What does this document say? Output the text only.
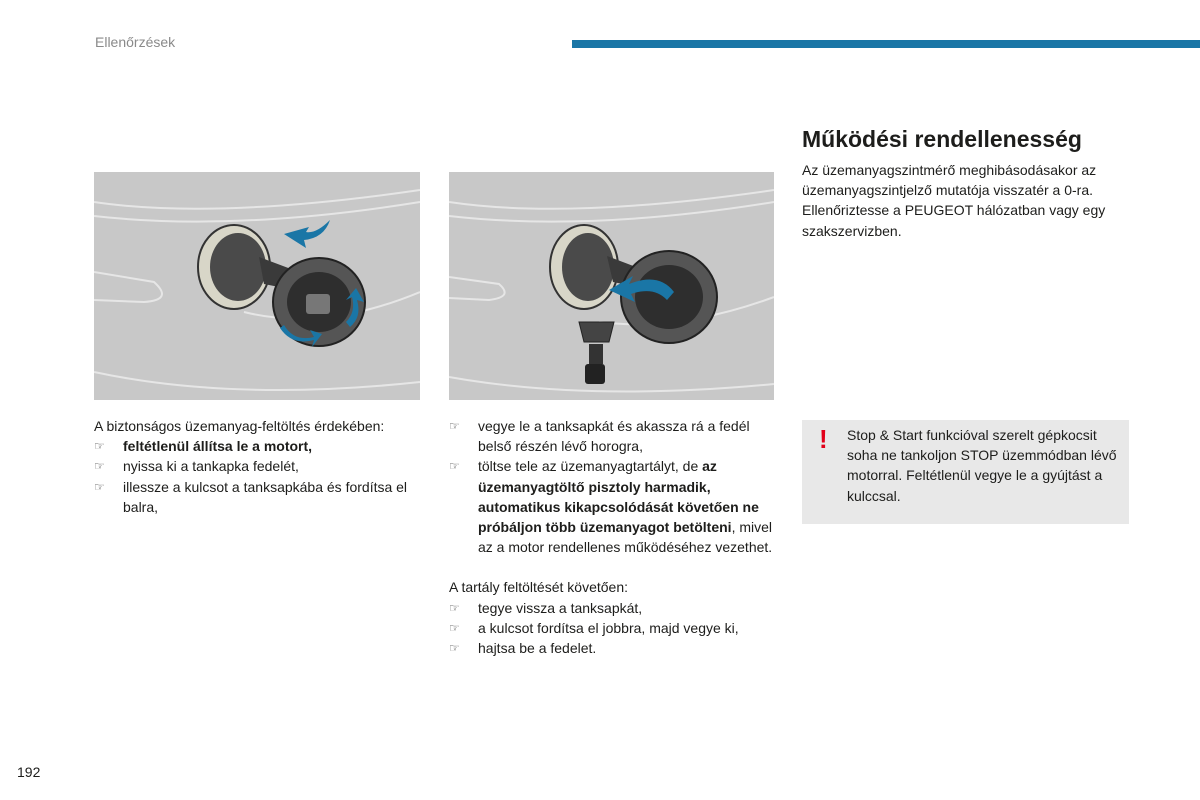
Ellenőrzések
A biztonságos üzemanyag-feltöltés érdekében:
☞ feltétlenül állítsa le a motort,
☞ nyissa ki a tankapka fedelét,
☞ illessze a kulcsot a tanksapkába és fordítsa el balra,
☞ vegye le a tanksapkát és akassza rá a fedél belső részén lévő horogra,
☞ töltse tele az üzemanyagtartályt, de az üzemanyagtöltő pisztoly harmadik, automatikus kikapcsolódását követően ne próbáljon több üzemanyagot betölteni, mivel az a motor rendellenes működéséhez vezethet.
A tartály feltöltését követően:
☞ tegye vissza a tanksapkát,
☞ a kulcsot fordítsa el jobbra, majd vegye ki,
☞ hajtsa be a fedelet.
Működési rendellenesség
Az üzemanyagszintmérő meghibásodásakor az üzemanyagszintjelző mutatója visszatér a 0-ra. Ellenőriztesse a PEUGEOT hálózatban vagy egy szakszervizben.
! Stop & Start funkcióval szerelt gépkocsit soha ne tankoljon STOP üzemmódban lévő motorral. Feltétlenül vegye le a gyújtást a kulccsal.
192
